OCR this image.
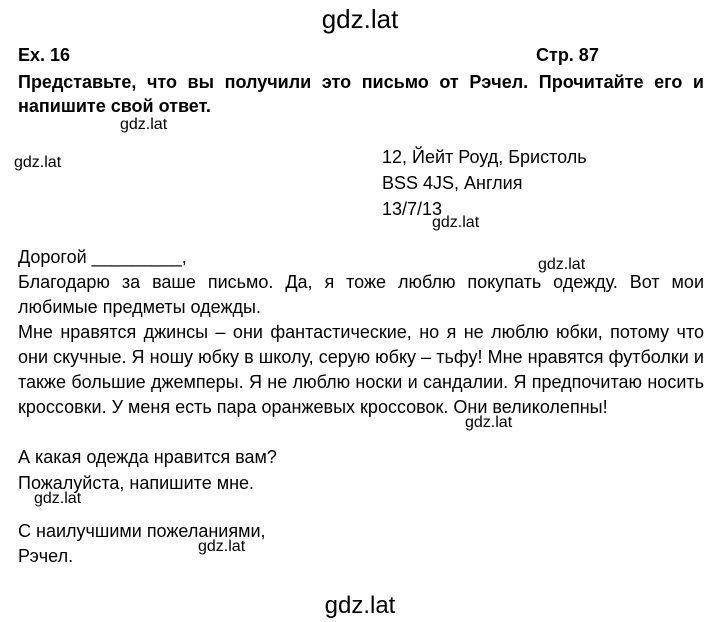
gdz.lat
Ex. 16	Стр. 87
Представьте, что вы получили это письмо от Рэчел. Прочитайте его и
напишите свой ответ.
gdz.lat
gdz.lat	12, Йейт Роуд, Бристоль
BSS 4JS, Англия
13/7/13
gdz.lat
Дорогой _________,	gdz.lat
Благодарю за ваше письмо. Да, я тоже люблю покупать одежду. Вот мои любимые предметы одежды.
Мне нравятся джинсы – они фантастические, но я не люблю юбки, потому что они скучные. Я ношу юбку в школу, серую юбку – тьфу! Мне нравятся футболки и также большие джемперы. Я не люблю носки и сандалии. Я предпочитаю носить кроссовки. У меня есть пара оранжевых кроссовок. Они великолепны!
gdz.lat
А какая одежда нравится вам?
Пожалуйста, напишите мне.
gdz.lat
С наилучшими пожеланиями,
Рэчел.	gdz.lat
gdz.lat
